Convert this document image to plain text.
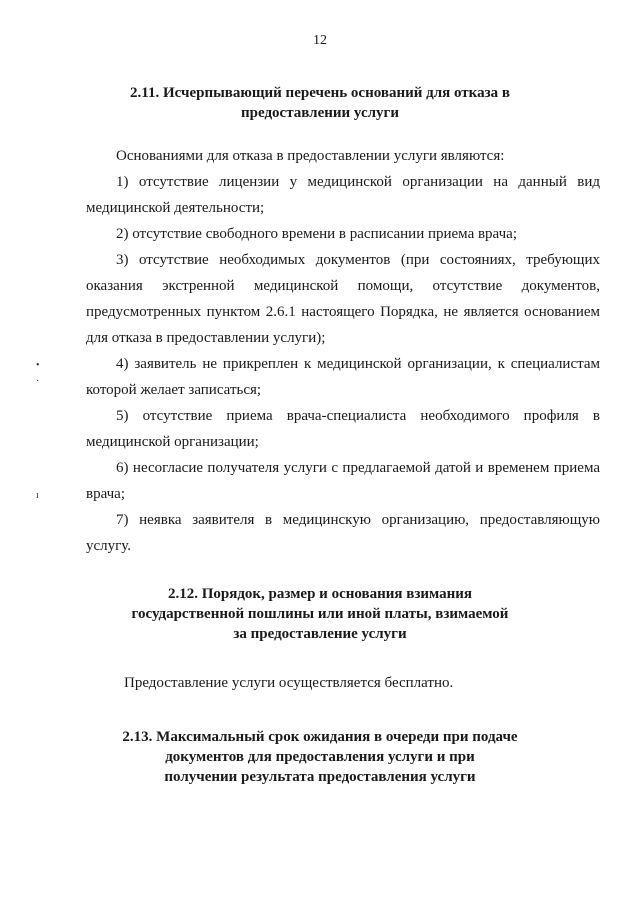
12
2.11. Исчерпывающий перечень оснований для отказа в
предоставлении услуги

Основаниями для отказа в предоставлении услуги являются:

1) отсутствие лицензии у медицинской организации на данный вид медицинской деятельности;

2) отсутствие свободного времени в расписании приема врача;

3) отсутствие необходимых документов (при состояниях, требующих оказания экстренной медицинской помощи, отсутствие документов, предусмотренных пунктом 2.6.1 настоящего Порядка, не является основанием для отказа в предоставлении услуги);

4) заявитель не прикреплен к медицинской организации, к специалистам которой желает записаться;

5) отсутствие приема врача-специалиста необходимого профиля в медицинской организации;

6) несогласие получателя услуги с предлагаемой датой и временем приема врача;

7) неявка заявителя в медицинскую организацию, предоставляющую услугу.

2.12. Порядок, размер и основания взимания
государственной пошлины или иной платы, взимаемой
за предоставление услуги

Предоставление услуги осуществляется бесплатно.

2.13. Максимальный срок ожидания в очереди при подаче
документов для предоставления услуги и при
получении результата предоставления услуги
•
·
ı
